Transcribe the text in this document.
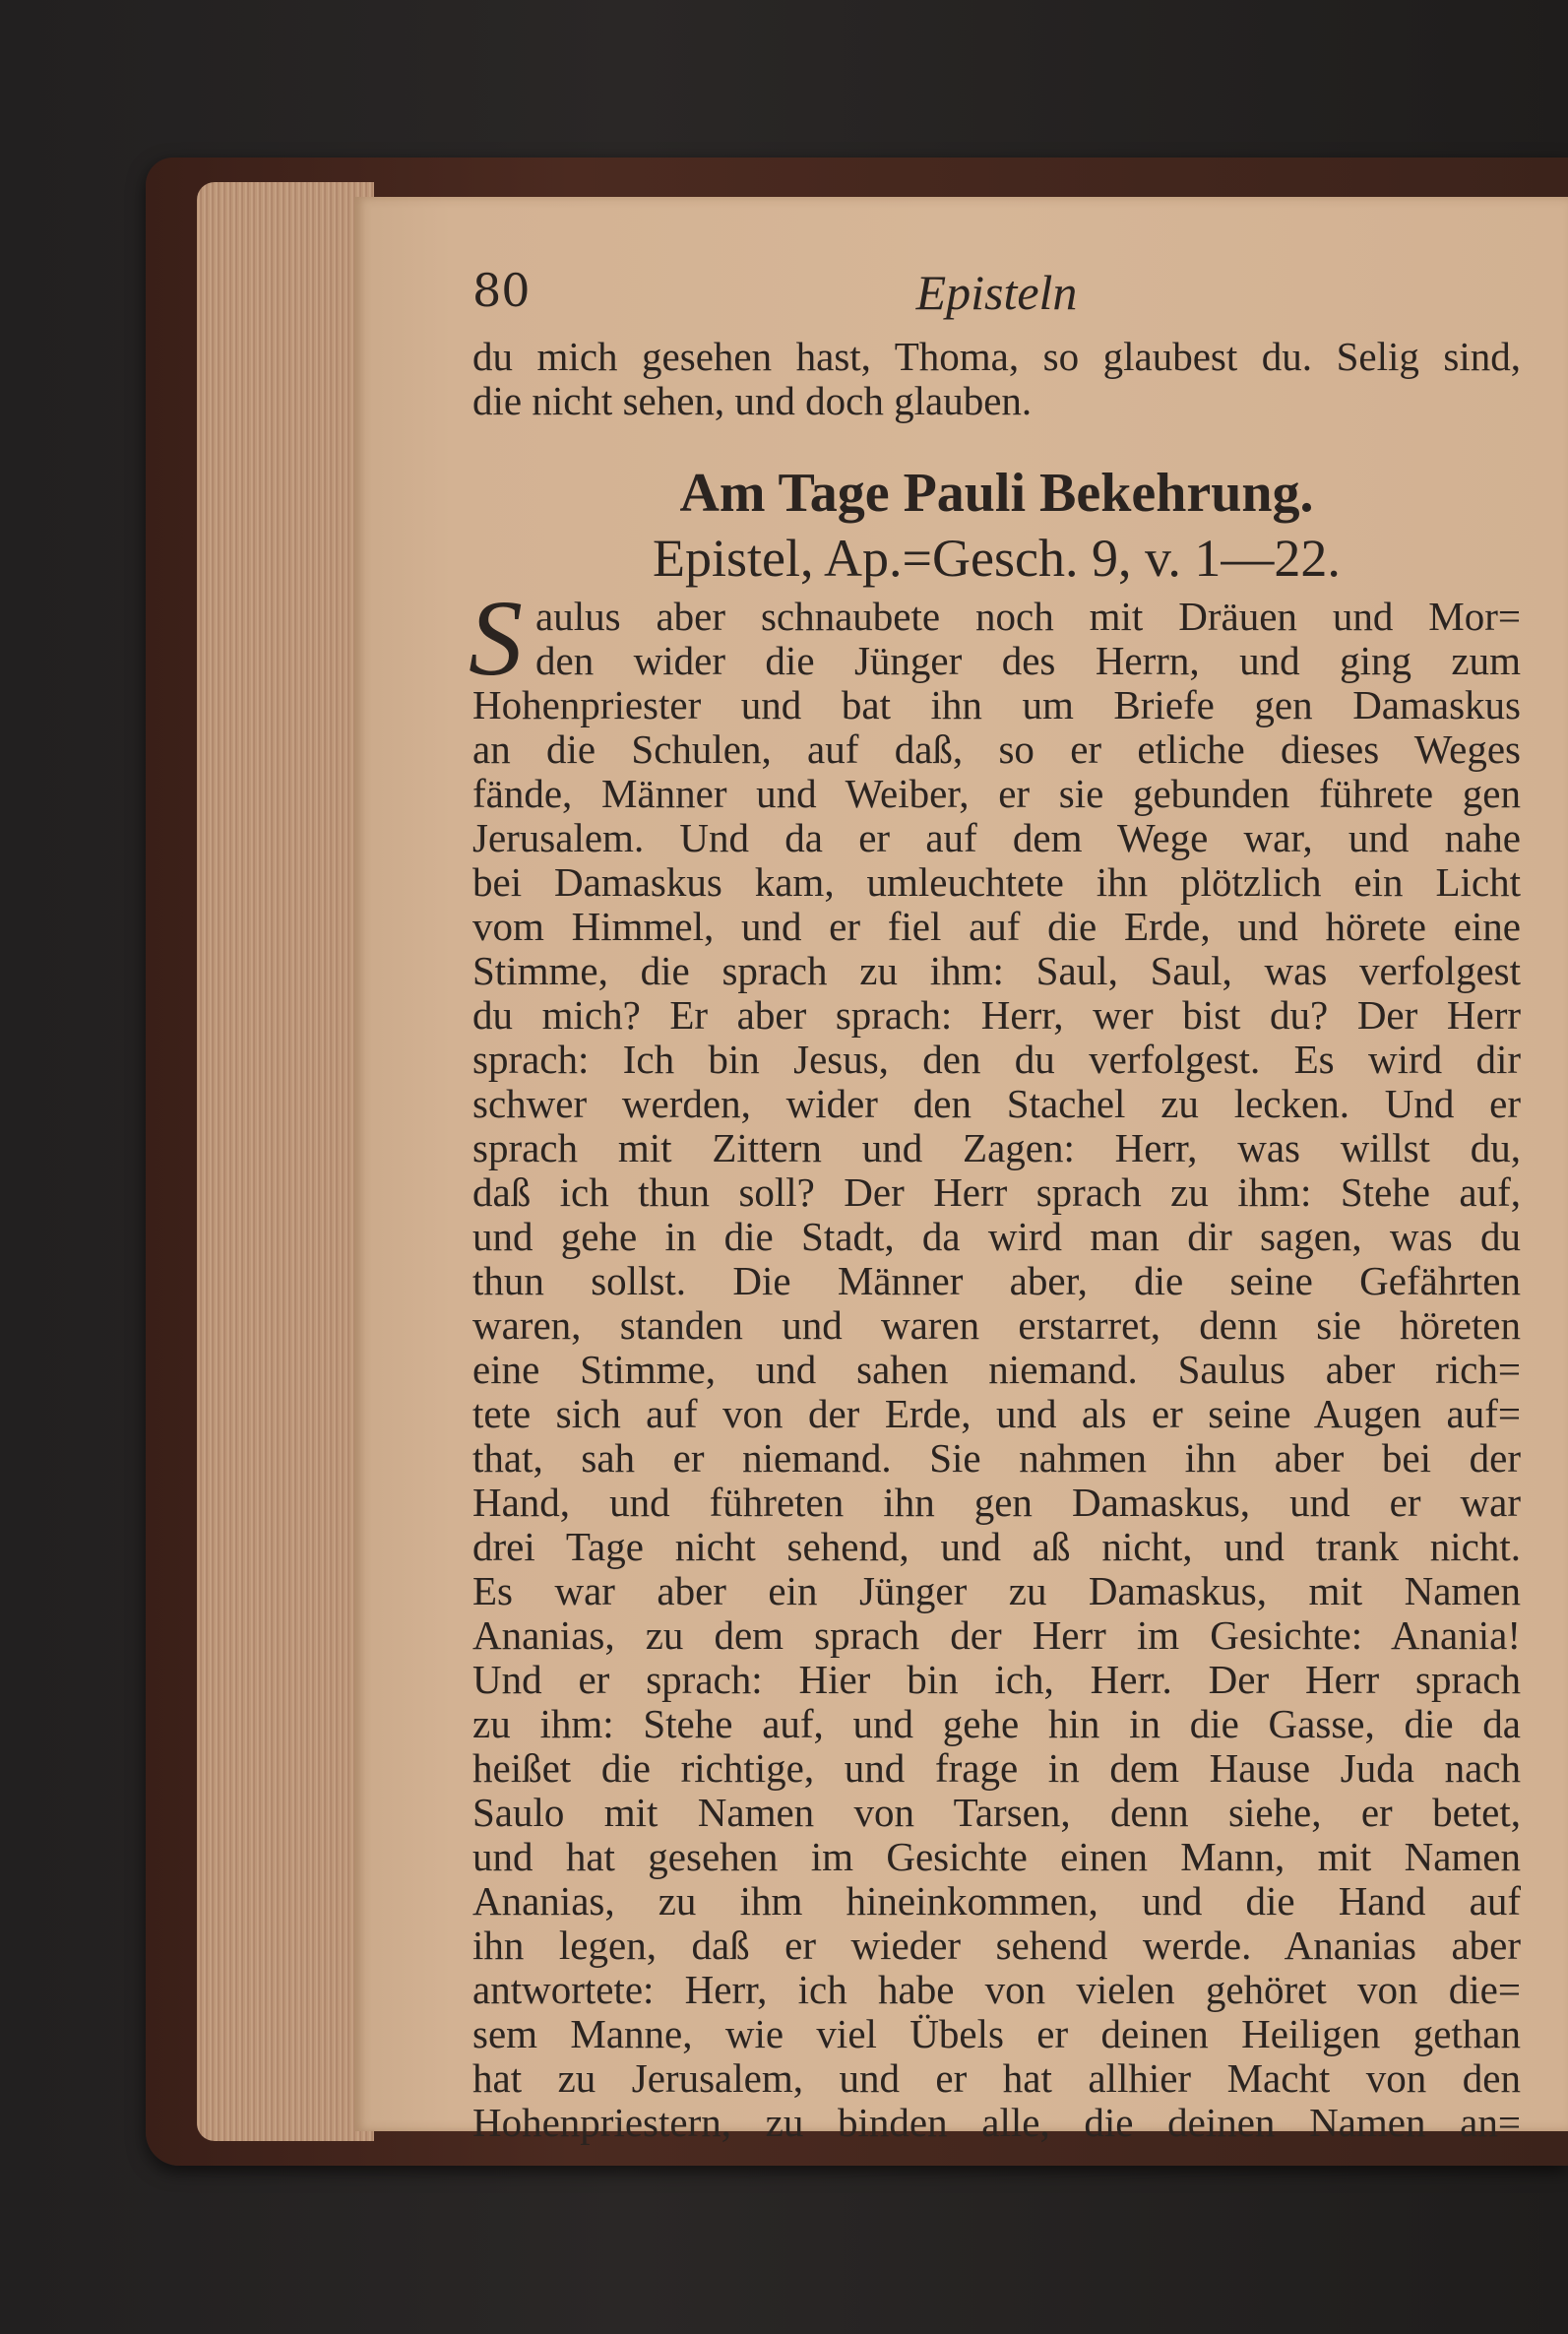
80	Episteln
du mich gesehen hast, Thoma, so glaubest du. Selig sind,
die nicht sehen, und doch glauben.
Am Tage Pauli Bekehrung.
Epistel, Ap.=Gesch. 9, v. 1—22.
S aulus aber schnaubete noch mit Dräuen und Mor=
den wider die Jünger des Herrn, und ging zum
Hohenpriester und bat ihn um Briefe gen Damaskus
an die Schulen, auf daß, so er etliche dieses Weges
fände, Männer und Weiber, er sie gebunden führete gen
Jerusalem. Und da er auf dem Wege war, und nahe
bei Damaskus kam, umleuchtete ihn plötzlich ein Licht
vom Himmel, und er fiel auf die Erde, und hörete eine
Stimme, die sprach zu ihm: Saul, Saul, was verfolgest
du mich? Er aber sprach: Herr, wer bist du? Der Herr
sprach: Ich bin Jesus, den du verfolgest. Es wird dir
schwer werden, wider den Stachel zu lecken. Und er
sprach mit Zittern und Zagen: Herr, was willst du,
daß ich thun soll? Der Herr sprach zu ihm: Stehe auf,
und gehe in die Stadt, da wird man dir sagen, was du
thun sollst. Die Männer aber, die seine Gefährten
waren, standen und waren erstarret, denn sie höreten
eine Stimme, und sahen niemand. Saulus aber rich=
tete sich auf von der Erde, und als er seine Augen auf=
that, sah er niemand. Sie nahmen ihn aber bei der
Hand, und führeten ihn gen Damaskus, und er war
drei Tage nicht sehend, und aß nicht, und trank nicht.
Es war aber ein Jünger zu Damaskus, mit Namen
Ananias, zu dem sprach der Herr im Gesichte: Anania!
Und er sprach: Hier bin ich, Herr. Der Herr sprach
zu ihm: Stehe auf, und gehe hin in die Gasse, die da
heißet die richtige, und frage in dem Hause Juda nach
Saulo mit Namen von Tarsen, denn siehe, er betet,
und hat gesehen im Gesichte einen Mann, mit Namen
Ananias, zu ihm hineinkommen, und die Hand auf
ihn legen, daß er wieder sehend werde. Ananias aber
antwortete: Herr, ich habe von vielen gehöret von die=
sem Manne, wie viel Übels er deinen Heiligen gethan
hat zu Jerusalem, und er hat allhier Macht von den
Hohenpriestern, zu binden alle, die deinen Namen an=
